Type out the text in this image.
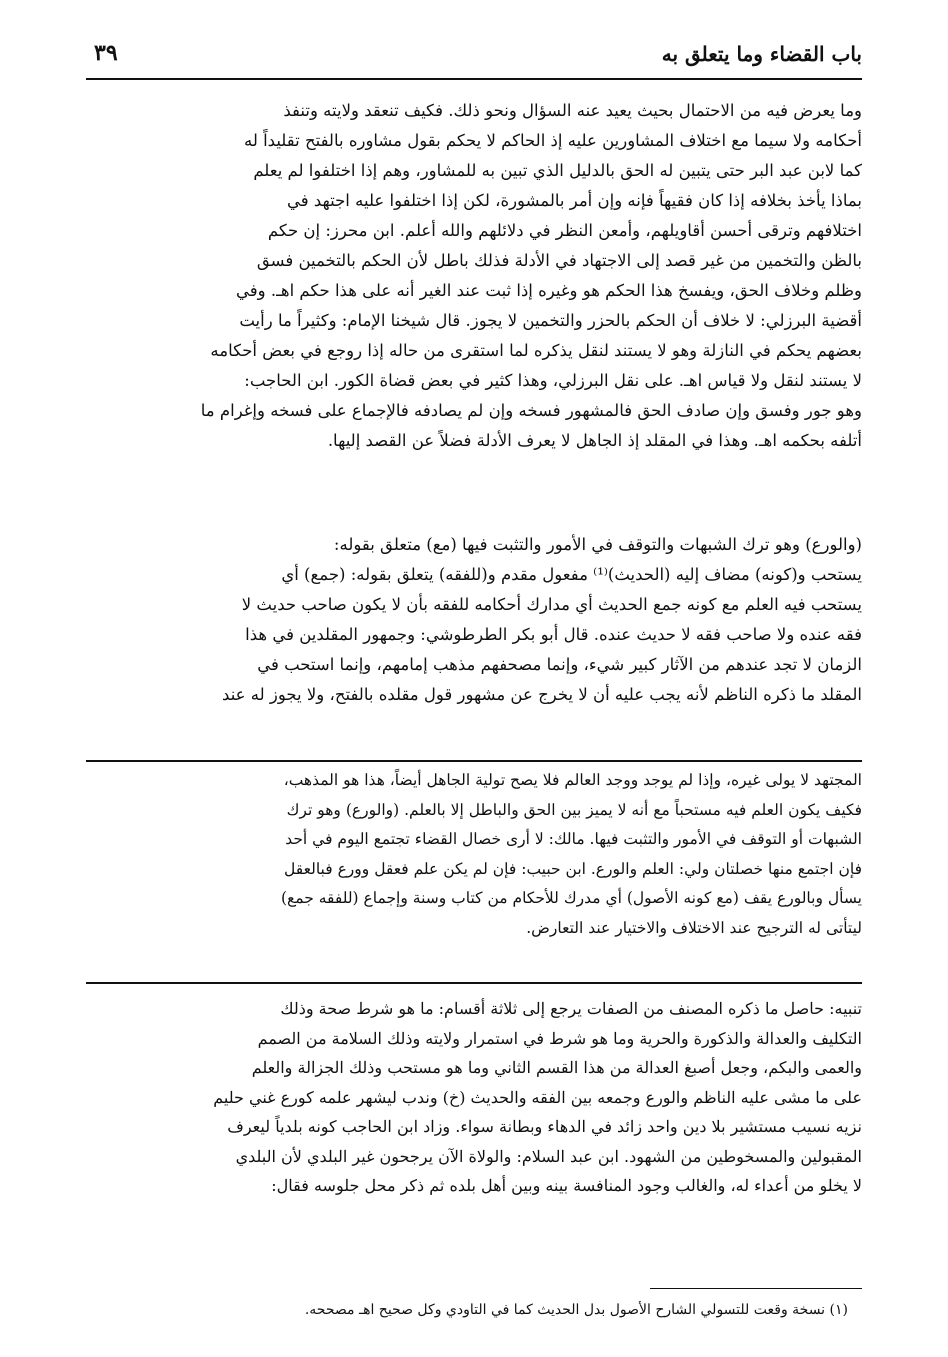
باب القضاء وما يتعلق به
٣٩

وما يعرض فيه من الاحتمال بحيث يعيد عنه السؤال ونحو ذلك. فكيف تنعقد ولايته وتنفذ

أحكامه ولا سيما مع اختلاف المشاورين عليه إذ الحاكم لا يحكم بقول مشاوره بالفتح تقليداً له

كما لابن عبد البر حتى يتبين له الحق بالدليل الذي تبين به للمشاور، وهم إذا اختلفوا لم يعلم

بماذا يأخذ بخلافه إذا كان فقيهاً فإنه وإن أمر بالمشورة، لكن إذا اختلفوا عليه اجتهد في

اختلافهم وترقى أحسن أقاويلهم، وأمعن النظر في دلائلهم والله أعلم. ابن محرز: إن حكم

بالظن والتخمين من غير قصد إلى الاجتهاد في الأدلة فذلك باطل لأن الحكم بالتخمين فسق

وظلم وخلاف الحق، ويفسخ هذا الحكم هو وغيره إذا ثبت عند الغير أنه على هذا حكم اهـ. وفي

أقضية البرزلي: لا خلاف أن الحكم بالحزر والتخمين لا يجوز. قال شيخنا الإمام: وكثيراً ما رأيت

بعضهم يحكم في النازلة وهو لا يستند لنقل يذكره لما استقرى من حاله إذا روجع في بعض أحكامه

لا يستند لنقل ولا قياس اهـ. على نقل البرزلي، وهذا كثير في بعض قضاة الكور. ابن الحاجب:

وهو جور وفسق وإن صادف الحق فالمشهور فسخه وإن لم يصادفه فالإجماع على فسخه وإغرام ما

أتلفه بحكمه اهـ. وهذا في المقلد إذ الجاهل لا يعرف الأدلة فضلاً عن القصد إليها.

(والورع) وهو ترك الشبهات والتوقف في الأمور والتثبت فيها (مع) متعلق بقوله:

يستحب و(كونه) مضاف إليه (الحديث)⁽¹⁾ مفعول مقدم و(للفقه) يتعلق بقوله: (جمع) أي

يستحب فيه العلم مع كونه جمع الحديث أي مدارك أحكامه للفقه بأن لا يكون صاحب حديث لا

فقه عنده ولا صاحب فقه لا حديث عنده. قال أبو بكر الطرطوشي: وجمهور المقلدين في هذا

الزمان لا تجد عندهم من الآثار كبير شيء، وإنما مصحفهم مذهب إمامهم، وإنما استحب في

المقلد ما ذكره الناظم لأنه يجب عليه أن لا يخرج عن مشهور قول مقلده بالفتح، ولا يجوز له عند

المجتهد لا يولى غيره، وإذا لم يوجد ووجد العالم فلا يصح تولية الجاهل أيضاً، هذا هو المذهب،

فكيف يكون العلم فيه مستحباً مع أنه لا يميز بين الحق والباطل إلا بالعلم. (والورع) وهو ترك

الشبهات أو التوقف في الأمور والتثبت فيها. مالك: لا أرى خصال القضاء تجتمع اليوم في أحد

فإن اجتمع منها خصلتان ولي: العلم والورع. ابن حبيب: فإن لم يكن علم فعقل وورع فبالعقل

يسأل وبالورع يقف (مع كونه الأصول) أي مدرك للأحكام من كتاب وسنة وإجماع (للفقه جمع)

ليتأتى له الترجيح عند الاختلاف والاختيار عند التعارض.

تنبيه: حاصل ما ذكره المصنف من الصفات يرجع إلى ثلاثة أقسام: ما هو شرط صحة وذلك

التكليف والعدالة والذكورة والحرية وما هو شرط في استمرار ولايته وذلك السلامة من الصمم

والعمى والبكم، وجعل أصبغ العدالة من هذا القسم الثاني وما هو مستحب وذلك الجزالة والعلم

على ما مشى عليه الناظم والورع وجمعه بين الفقه والحديث (خ) وندب ليشهر علمه كورع غني حليم

نزيه نسيب مستشير بلا دين واحد زائد في الدهاء وبطانة سواء. وزاد ابن الحاجب كونه بلدياً ليعرف

المقبولين والمسخوطين من الشهود. ابن عبد السلام: والولاة الآن يرجحون غير البلدي لأن البلدي

لا يخلو من أعداء له، والغالب وجود المنافسة بينه وبين أهل بلده ثم ذكر محل جلوسه فقال:

(١) نسخة وقعت للتسولي الشارح الأصول بدل الحديث كما في التاودي وكل صحيح اهـ مصححه.
